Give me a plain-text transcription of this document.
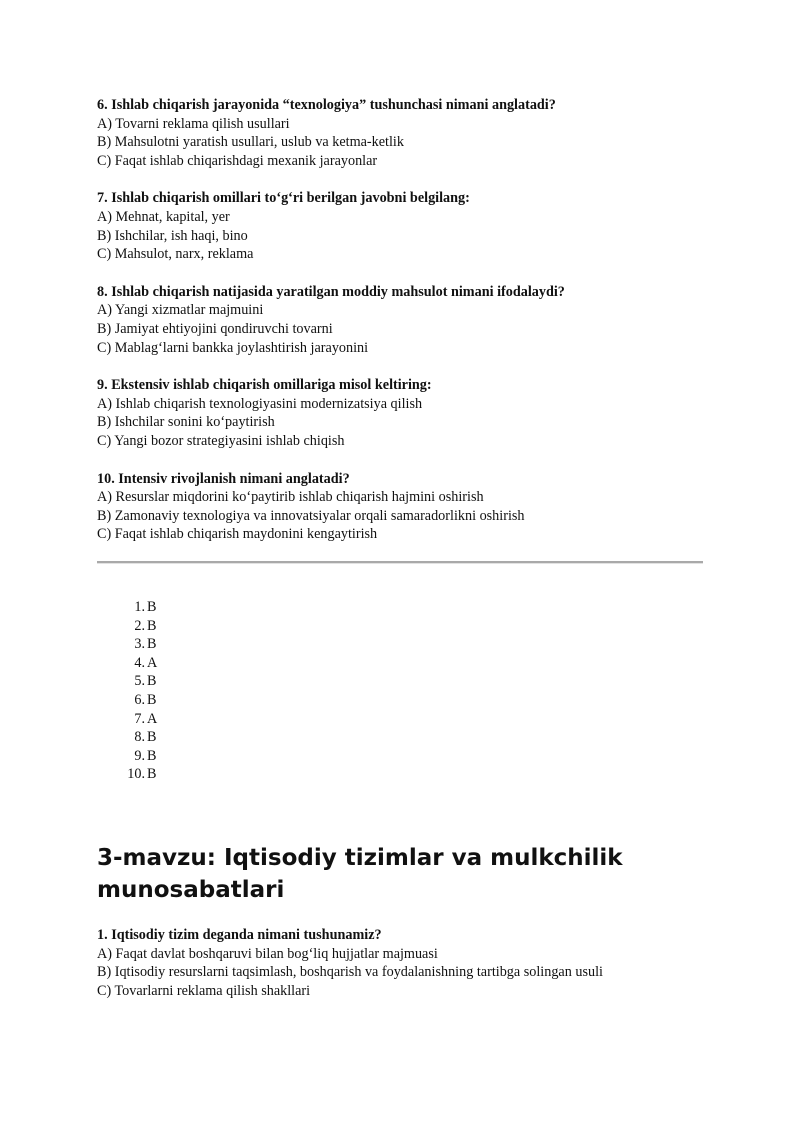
6. Ishlab chiqarish jarayonida “texnologiya” tushunchasi nimani anglatadi?

A) Tovarni reklama qilish usullari

B) Mahsulotni yaratish usullari, uslub va ketma-ketlik

C) Faqat ishlab chiqarishdagi mexanik jarayonlar

7. Ishlab chiqarish omillari to‘g‘ri berilgan javobni belgilang:

A) Mehnat, kapital, yer

B) Ishchilar, ish haqi, bino

C) Mahsulot, narx, reklama

8. Ishlab chiqarish natijasida yaratilgan moddiy mahsulot nimani ifodalaydi?

A) Yangi xizmatlar majmuini

B) Jamiyat ehtiyojini qondiruvchi tovarni

C) Mablag‘larni bankka joylashtirish jarayonini

9. Ekstensiv ishlab chiqarish omillariga misol keltiring:

A) Ishlab chiqarish texnologiyasini modernizatsiya qilish

B) Ishchilar sonini ko‘paytirish

C) Yangi bozor strategiyasini ishlab chiqish

10. Intensiv rivojlanish nimani anglatadi?

A) Resurslar miqdorini ko‘paytirib ishlab chiqarish hajmini oshirish

B) Zamonaviy texnologiya va innovatsiyalar orqali samaradorlikni oshirish

C) Faqat ishlab chiqarish maydonini kengaytirish

1. B
2. B
3. B
4. A
5. B
6. B
7. A
8. B
9. B
10. B
3-mavzu: Iqtisodiy tizimlar va mulkchilik munosabatlari

1. Iqtisodiy tizim deganda nimani tushunamiz?

A) Faqat davlat boshqaruvi bilan bog‘liq hujjatlar majmuasi

B) Iqtisodiy resurslarni taqsimlash, boshqarish va foydalanishning tartibga solingan usuli

C) Tovarlarni reklama qilish shakllari
